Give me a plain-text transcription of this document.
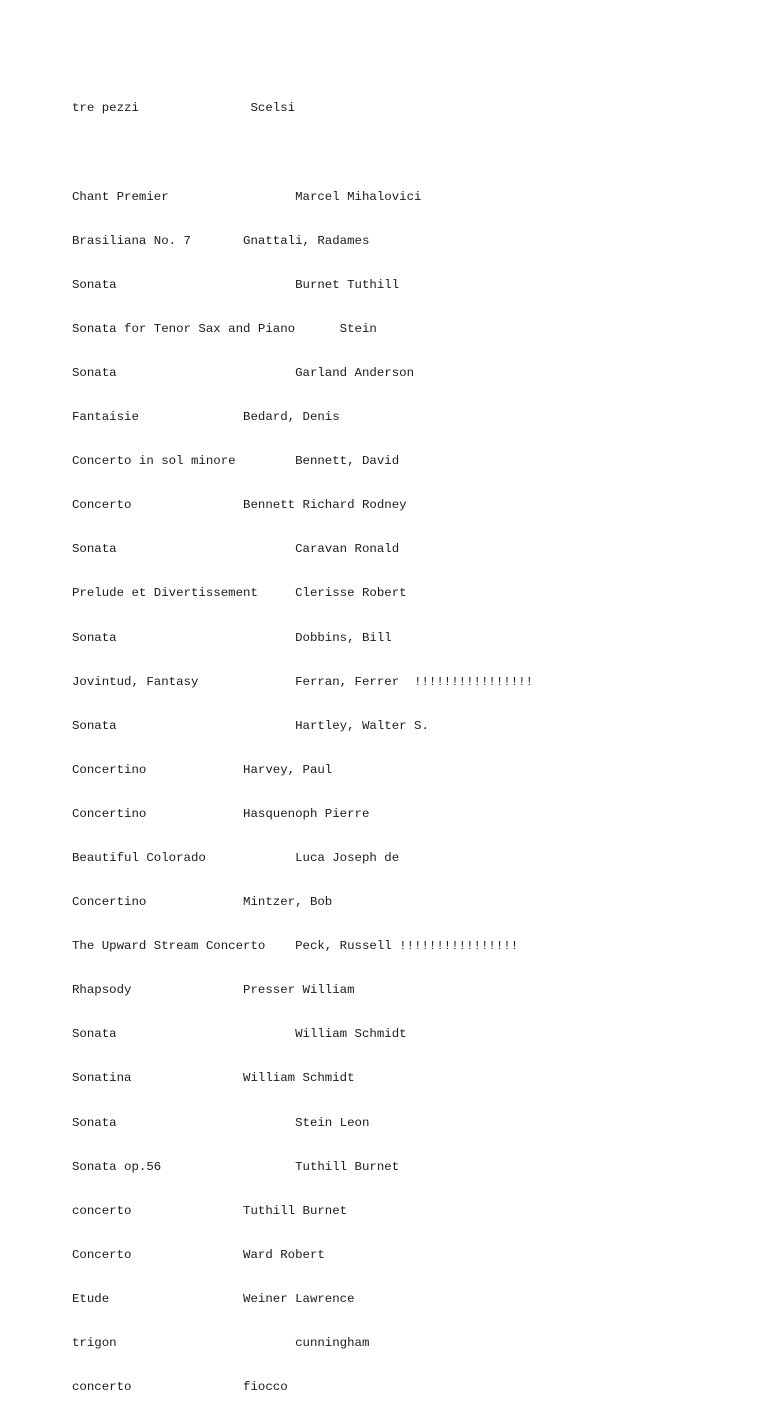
tre pezzi               Scelsi

Chant Premier                 Marcel Mihalovici

Brasiliana No. 7       Gnattali, Radames

Sonata                        Burnet Tuthill

Sonata for Tenor Sax and Piano      Stein

Sonata                        Garland Anderson

Fantaisie              Bedard, Denis

Concerto in sol minore        Bennett, David

Concerto               Bennett Richard Rodney

Sonata                        Caravan Ronald

Prelude et Divertissement     Clerisse Robert

Sonata                        Dobbins, Bill

Jovintud, Fantasy             Ferran, Ferrer  !!!!!!!!!!!!!!!!

Sonata                        Hartley, Walter S.

Concertino             Harvey, Paul

Concertino             Hasquenoph Pierre

Beautiful Colorado            Luca Joseph de

Concertino             Mintzer, Bob

The Upward Stream Concerto    Peck, Russell !!!!!!!!!!!!!!!!

Rhapsody               Presser William

Sonata                        William Schmidt

Sonatina               William Schmidt

Sonata                        Stein Leon

Sonata op.56                  Tuthill Burnet

concerto               Tuthill Burnet

Concerto               Ward Robert

Etude                  Weiner Lawrence

trigon                        cunningham

concerto               fiocco
